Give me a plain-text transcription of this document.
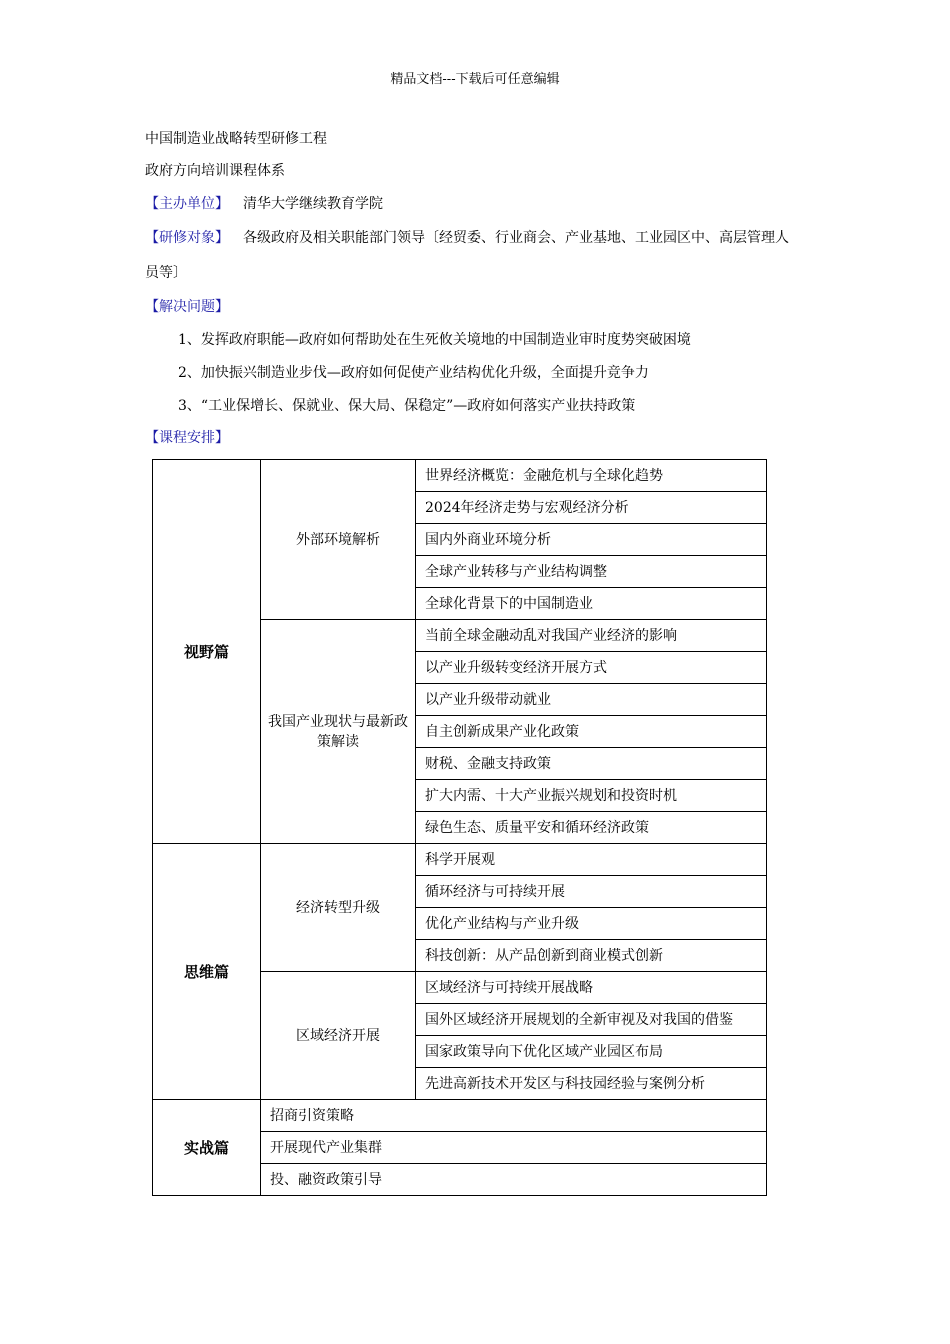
精品文档---下载后可任意编辑
中国制造业战略转型研修工程
政府方向培训课程体系
【主办单位】 清华大学继续教育学院
【研修对象】 各级政府及相关职能部门领导〔经贸委、行业商会、产业基地、工业园区中、高层管理人
员等〕
【解决问题】
1、发挥政府职能—政府如何帮助处在生死攸关境地的中国制造业审时度势突破困境
2、加快振兴制造业步伐—政府如何促使产业结构优化升级，全面提升竞争力
3、“工业保增长、保就业、保大局、保稳定”—政府如何落实产业扶持政策
【课程安排】
视野篇	外部环境解析	世界经济概览：金融危机与全球化趋势
		2024年经济走势与宏观经济分析
		国内外商业环境分析
		全球产业转移与产业结构调整
		全球化背景下的中国制造业
	我国产业现状与最新政策解读	当前全球金融动乱对我国产业经济的影响
		以产业升级转变经济开展方式
		以产业升级带动就业
		自主创新成果产业化政策
		财税、金融支持政策
		扩大内需、十大产业振兴规划和投资时机
		绿色生态、质量平安和循环经济政策
思维篇	经济转型升级	科学开展观
		循环经济与可持续开展
		优化产业结构与产业升级
		科技创新：从产品创新到商业模式创新
	区域经济开展	区域经济与可持续开展战略
		国外区域经济开展规划的全新审视及对我国的借鉴
		国家政策导向下优化区域产业园区布局
		先进高新技术开发区与科技园经验与案例分析
实战篇	招商引资策略	
	开展现代产业集群	
	投、融资政策引导	
